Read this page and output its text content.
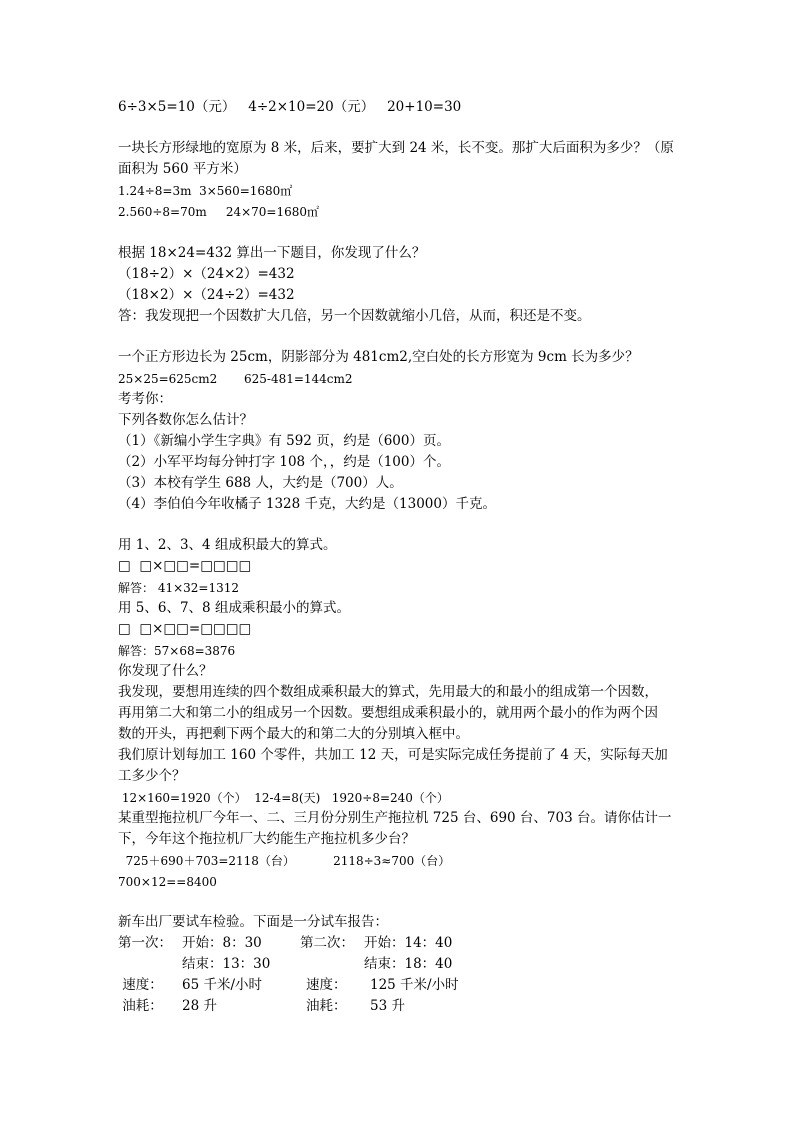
6÷3×5=10（元）   4÷2×10=20（元）   20+10=30
一块长方形绿地的宽原为 8 米，后来，要扩大到 24 米，长不变。那扩大后面积为多少？（原
面积为 560 平方米）
1.24÷8=3m  3×560=1680㎡
2.560÷8=70m     24×70=1680㎡
根据 18×24=432 算出一下题目，你发现了什么？
（18÷2）×（24×2）=432
（18×2）×（24÷2）=432
答：我发现把一个因数扩大几倍，另一个因数就缩小几倍，从而，积还是不变。
一个正方形边长为 25cm，阴影部分为 481cm2,空白处的长方形宽为 9cm 长为多少？
25×25=625cm2       625-481=144cm2
考考你：
下列各数你怎么估计？
（1）《新编小学生字典》有 592 页，约是（600）页。
（2）小军平均每分钟打字 108 个，，约是（100）个。
（3）本校有学生 688 人，大约是（700）人。
（4）李伯伯今年收橘子 1328 千克，大约是（13000）千克。
用 1、2、3、4 组成积最大的算式。
□  □×□□=□□□□
解答： 41×32=1312
用 5、6、7、8 组成乘积最小的算式。
□  □×□□=□□□□
解答：57×68=3876
你发现了什么？
我发现，要想用连续的四个数组成乘积最大的算式，先用最大的和最小的组成第一个因数，
再用第二大和第二小的组成另一个因数。要想组成乘积最小的，就用两个最小的作为两个因
数的开头，再把剩下两个最大的和第二大的分别填入框中。
我们原计划每加工 160 个零件，共加工 12 天，可是实际完成任务提前了 4 天，实际每天加
工多少个？
12×160=1920（个）  12-4=8(天)   1920÷8=240（个）
某重型拖拉机厂今年一、二、三月份分别生产拖拉机 725 台、690 台、703 台。请你估计一
下，今年这个拖拉机厂大约能生产拖拉机多少台？
725＋690＋703=2118（台）          2118÷3≈700（台）
700×12==8400
新车出厂要试车检验。下面是一分试车报告：
第一次： 开始：8：30	第二次： 开始：14：40
结束：13：30	结束：18：40
速度： 65 千米/小时	速度： 125 千米/小时
油耗： 28 升	油耗： 53 升
